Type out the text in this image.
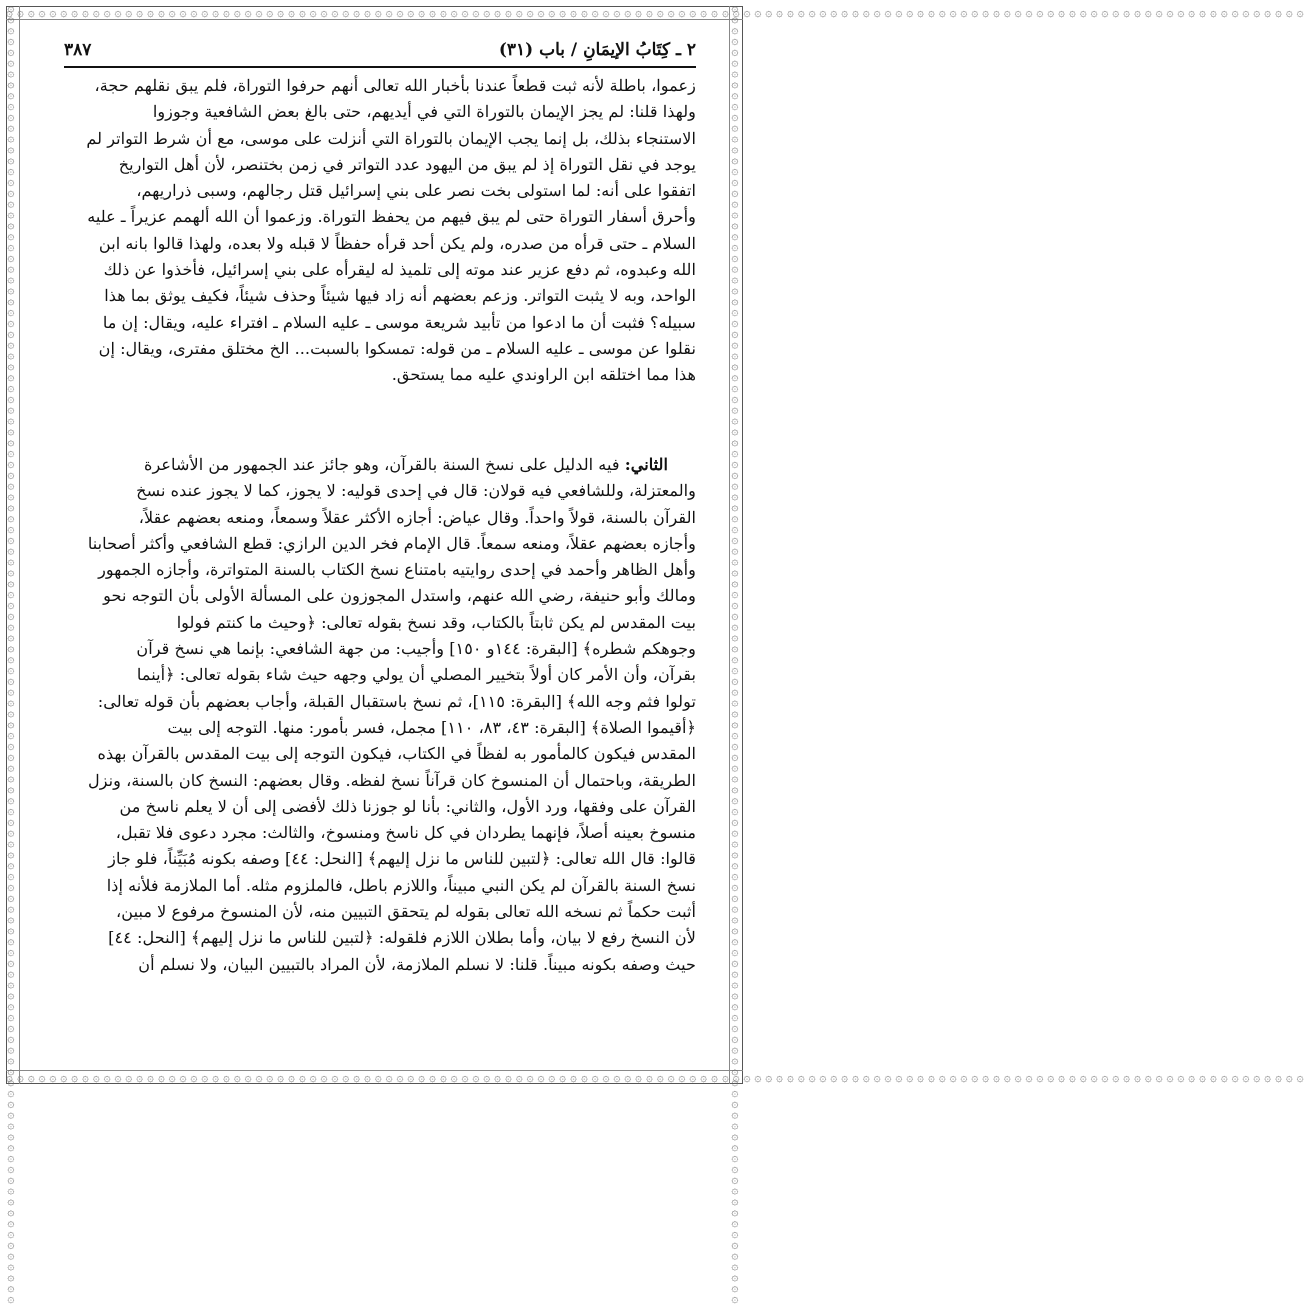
۞ ۞ ۞ ۞ ۞ ۞ ۞ ۞ ۞ ۞ ۞ ۞ ۞ ۞ ۞ ۞ ۞ ۞ ۞ ۞ ۞ ۞ ۞ ۞ ۞ ۞ ۞ ۞ ۞ ۞ ۞ ۞ ۞ ۞ ۞ ۞ ۞ ۞ ۞ ۞ ۞ ۞ ۞ ۞ ۞ ۞ ۞ ۞ ۞ ۞ ۞ ۞ ۞ ۞ ۞ ۞ ۞ ۞ ۞ ۞ ۞ ۞ ۞ ۞ ۞ ۞ ۞ ۞ ۞ ۞ ۞ ۞ ۞ ۞ ۞ ۞ ۞ ۞ ۞ ۞ ۞ ۞ ۞ ۞ ۞ ۞ ۞ ۞ ۞ ۞ ۞ ۞ ۞ ۞ ۞ ۞ ۞ ۞ ۞ ۞ ۞ ۞ ۞ ۞ ۞ ۞ ۞ ۞ ۞ ۞ ۞ ۞ ۞ ۞ ۞ ۞ ۞ ۞ ۞ ۞
۞ ۞ ۞ ۞ ۞ ۞ ۞ ۞ ۞ ۞ ۞ ۞ ۞ ۞ ۞ ۞ ۞ ۞ ۞ ۞ ۞ ۞ ۞ ۞ ۞ ۞ ۞ ۞ ۞ ۞ ۞ ۞ ۞ ۞ ۞ ۞ ۞ ۞ ۞ ۞ ۞ ۞ ۞ ۞ ۞ ۞ ۞ ۞ ۞ ۞ ۞ ۞ ۞ ۞ ۞ ۞ ۞ ۞ ۞ ۞ ۞ ۞ ۞ ۞ ۞ ۞ ۞ ۞ ۞ ۞ ۞ ۞ ۞ ۞ ۞ ۞ ۞ ۞ ۞ ۞ ۞ ۞ ۞ ۞ ۞ ۞ ۞ ۞ ۞ ۞ ۞ ۞ ۞ ۞ ۞ ۞ ۞ ۞ ۞ ۞ ۞ ۞ ۞ ۞ ۞ ۞ ۞ ۞ ۞ ۞ ۞ ۞ ۞ ۞ ۞ ۞ ۞ ۞ ۞ ۞
۞ ۞ ۞ ۞ ۞ ۞ ۞ ۞ ۞ ۞ ۞ ۞ ۞ ۞ ۞ ۞ ۞ ۞ ۞ ۞ ۞ ۞ ۞ ۞ ۞ ۞ ۞ ۞ ۞ ۞ ۞ ۞ ۞ ۞ ۞ ۞ ۞ ۞ ۞ ۞ ۞ ۞ ۞ ۞ ۞ ۞ ۞ ۞ ۞ ۞ ۞ ۞ ۞ ۞ ۞ ۞ ۞ ۞ ۞ ۞ ۞ ۞ ۞ ۞ ۞ ۞ ۞ ۞ ۞ ۞ ۞ ۞ ۞ ۞ ۞ ۞ ۞ ۞ ۞ ۞ ۞ ۞ ۞ ۞ ۞ ۞ ۞ ۞ ۞ ۞ ۞ ۞ ۞ ۞ ۞ ۞ ۞ ۞ ۞ ۞ ۞ ۞ ۞ ۞ ۞ ۞ ۞ ۞ ۞ ۞ ۞ ۞ ۞ ۞ ۞ ۞ ۞ ۞ ۞ ۞	۞ ۞ ۞ ۞ ۞ ۞ ۞ ۞ ۞ ۞ ۞ ۞ ۞ ۞ ۞ ۞ ۞ ۞ ۞ ۞ ۞ ۞ ۞ ۞ ۞ ۞ ۞ ۞ ۞ ۞ ۞ ۞ ۞ ۞ ۞ ۞ ۞ ۞ ۞ ۞ ۞ ۞ ۞ ۞ ۞ ۞ ۞ ۞ ۞ ۞ ۞ ۞ ۞ ۞ ۞ ۞ ۞ ۞ ۞ ۞ ۞ ۞ ۞ ۞ ۞ ۞ ۞ ۞ ۞ ۞ ۞ ۞ ۞ ۞ ۞ ۞ ۞ ۞ ۞ ۞ ۞ ۞ ۞ ۞ ۞ ۞ ۞ ۞ ۞ ۞ ۞ ۞ ۞ ۞ ۞ ۞ ۞ ۞ ۞ ۞ ۞ ۞ ۞ ۞ ۞ ۞ ۞ ۞ ۞ ۞ ۞ ۞ ۞ ۞ ۞ ۞ ۞ ۞ ۞ ۞
٢ ـ كِتَابُ الإيمَانِ / باب (٣١)
٣٨٧
زعموا، باطلة لأنه ثبت قطعاً عندنا بأخبار الله تعالى أنهم حرفوا التوراة، فلم يبق نقلهم حجة،
ولهذا قلنا: لم يجز الإيمان بالتوراة التي في أيديهم، حتى بالغ بعض الشافعية وجوزوا
الاستنجاء بذلك، بل إنما يجب الإيمان بالتوراة التي أنزلت على موسى، مع أن شرط التواتر لم
يوجد في نقل التوراة إذ لم يبق من اليهود عدد التواتر في زمن بختنصر، لأن أهل التواريخ
اتفقوا على أنه: لما استولى بخت نصر على بني إسرائيل قتل رجالهم، وسبى ذراريهم،
وأحرق أسفار التوراة حتى لم يبق فيهم من يحفظ التوراة. وزعموا أن الله ألهمم عزيراً ـ عليه
السلام ـ حتى قرأه من صدره، ولم يكن أحد قرأه حفظاً لا قبله ولا بعده، ولهذا قالوا بانه ابن
الله وعبدوه، ثم دفع عزير عند موته إلى تلميذ له ليقرأه على بني إسرائيل، فأخذوا عن ذلك
الواحد، وبه لا يثبت التواتر. وزعم بعضهم أنه زاد فيها شيئاً وحذف شيئاً، فكيف يوثق بما هذا
سبيله؟ فثبت أن ما ادعوا من تأبيد شريعة موسى ـ عليه السلام ـ افتراء عليه، ويقال: إن ما
نقلوا عن موسى ـ عليه السلام ـ من قوله: تمسكوا بالسبت... الخ مختلق مفترى، ويقال: إن
هذا مما اختلقه ابن الراوندي عليه مما يستحق.
الثاني: فيه الدليل على نسخ السنة بالقرآن، وهو جائز عند الجمهور من الأشاعرة
والمعتزلة، وللشافعي فيه قولان: قال في إحدى قوليه: لا يجوز، كما لا يجوز عنده نسخ
القرآن بالسنة، قولاً واحداً. وقال عياض: أجازه الأكثر عقلاً وسمعاً، ومنعه بعضهم عقلاً،
وأجازه بعضهم عقلاً، ومنعه سمعاً. قال الإمام فخر الدين الرازي: قطع الشافعي وأكثر أصحابنا
وأهل الظاهر وأحمد في إحدى روايتيه بامتناع نسخ الكتاب بالسنة المتواترة، وأجازه الجمهور
ومالك وأبو حنيفة، رضي الله عنهم، واستدل المجوزون على المسألة الأولى بأن التوجه نحو
بيت المقدس لم يكن ثابتاً بالكتاب، وقد نسخ بقوله تعالى: ﴿وحيث ما كنتم فولوا
وجوهكم شطره﴾ [البقرة: ١٤٤و ١٥٠] وأجيب: من جهة الشافعي: بإنما هي نسخ قرآن
بقرآن، وأن الأمر كان أولاً بتخيير المصلي أن يولي وجهه حيث شاء بقوله تعالى: ﴿أينما
تولوا فثم وجه الله﴾ [البقرة: ١١٥]، ثم نسخ باستقبال القبلة، وأجاب بعضهم بأن قوله تعالى:
﴿أقيموا الصلاة﴾ [البقرة: ٤٣، ٨٣، ١١٠] مجمل، فسر بأمور: منها. التوجه إلى بيت
المقدس فيكون كالمأمور به لفظاً في الكتاب، فيكون التوجه إلى بيت المقدس بالقرآن بهذه
الطريقة، وباحتمال أن المنسوخ كان قرآناً نسخ لفظه. وقال بعضهم: النسخ كان بالسنة، ونزل
القرآن على وفقها، ورد الأول، والثاني: بأنا لو جوزنا ذلك لأفضى إلى أن لا يعلم ناسخ من
منسوخ بعينه أصلاً، فإنهما يطردان في كل ناسخ ومنسوخ، والثالث: مجرد دعوى فلا تقبل،
قالوا: قال الله تعالى: ﴿لتبين للناس ما نزل إليهم﴾ [النحل: ٤٤] وصفه بكونه مُبَيِّناً، فلو جاز
نسخ السنة بالقرآن لم يكن النبي مبيناً، واللازم باطل، فالملزوم مثله. أما الملازمة فلأنه إذا
أثبت حكماً ثم نسخه الله تعالى بقوله لم يتحقق التبيين منه، لأن المنسوخ مرفوع لا مبين،
لأن النسخ رفع لا بيان، وأما بطلان اللازم فلقوله: ﴿لتبين للناس ما نزل إليهم﴾ [النحل: ٤٤]
حيث وصفه بكونه مبيناً. قلنا: لا نسلم الملازمة، لأن المراد بالتبيين البيان، ولا نسلم أن
